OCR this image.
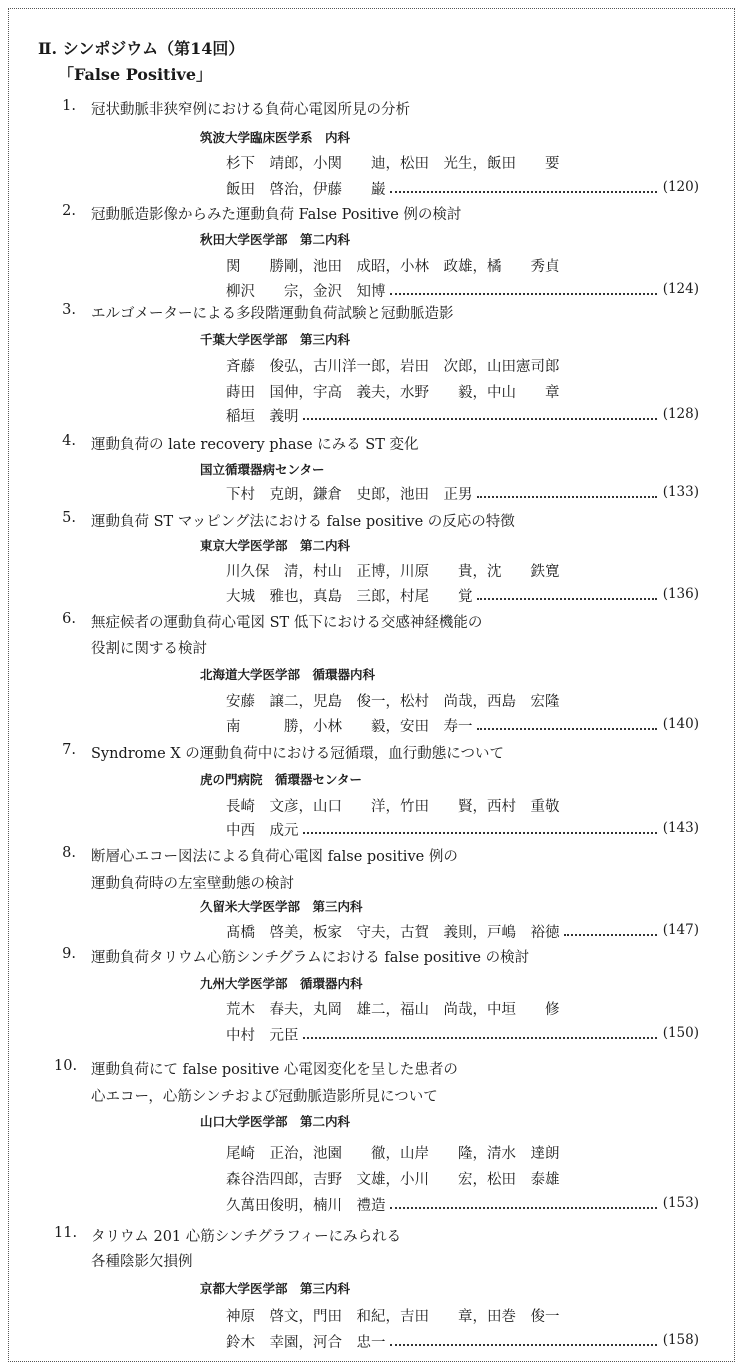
Ⅱ. シンポジウム（第14回）
「False Positive」
1. 冠状動脈非狭窄例における負荷心電図所見の分析
筑波大学臨床医学系　内科
杉下　靖郎，小関　　迪，松田　光生，飯田　　要
飯田　啓治，伊藤　　巌	(120)
2. 冠動脈造影像からみた運動負荷 False Positive 例の検討
秋田大学医学部　第二内科
関　　勝剛，池田　成昭，小林　政雄，橘　　秀貞
柳沢　　宗，金沢　知博	(124)
3. エルゴメーターによる多段階運動負荷試験と冠動脈造影
千葉大学医学部　第三内科
斉藤　俊弘，古川洋一郎，岩田　次郎，山田憲司郎
蒔田　国伸，宇高　義夫，水野　　毅，中山　　章
稲垣　義明	(128)
4. 運動負荷の late recovery phase にみる ST 変化
国立循環器病センター
下村　克朗，鎌倉　史郎，池田　正男	(133)
5. 運動負荷 ST マッピング法における false positive の反応の特徴
東京大学医学部　第二内科
川久保　清，村山　正博，川原　　貴，沈　　鉄寛
大城　雅也，真島　三郎，村尾　　覚	(136)
6. 無症候者の運動負荷心電図 ST 低下における交感神経機能の
役割に関する検討
北海道大学医学部　循環器内科
安藤　譲二，児島　俊一，松村　尚哉，西島　宏隆
南　　　勝，小林　　毅，安田　寿一	(140)
7. Syndrome X の運動負荷中における冠循環，血行動態について
虎の門病院　循環器センター
長崎　文彦，山口　　洋，竹田　　賢，西村　重敬
中西　成元	(143)
8. 断層心エコー図法による負荷心電図 false positive 例の
運動負荷時の左室壁動態の検討
久留米大学医学部　第三内科
髙橋　啓美，板家　守夫，古賀　義則，戸嶋　裕徳	(147)
9. 運動負荷タリウム心筋シンチグラムにおける false positive の検討
九州大学医学部　循環器内科
荒木　春夫，丸岡　雄二，福山　尚哉，中垣　　修
中村　元臣	(150)
10. 運動負荷にて false positive 心電図変化を呈した患者の
心エコー，心筋シンチおよび冠動脈造影所見について
山口大学医学部　第二内科
尾崎　正治，池園　　徹，山岸　　隆，清水　達朗
森谷浩四郎，吉野　文雄，小川　　宏，松田　泰雄
久萬田俊明，楠川　禮造	(153)
11. タリウム 201 心筋シンチグラフィーにみられる
各種陰影欠損例
京都大学医学部　第三内科
神原　啓文，門田　和紀，吉田　　章，田巻　俊一
鈴木　幸園，河合　忠一	(158)
